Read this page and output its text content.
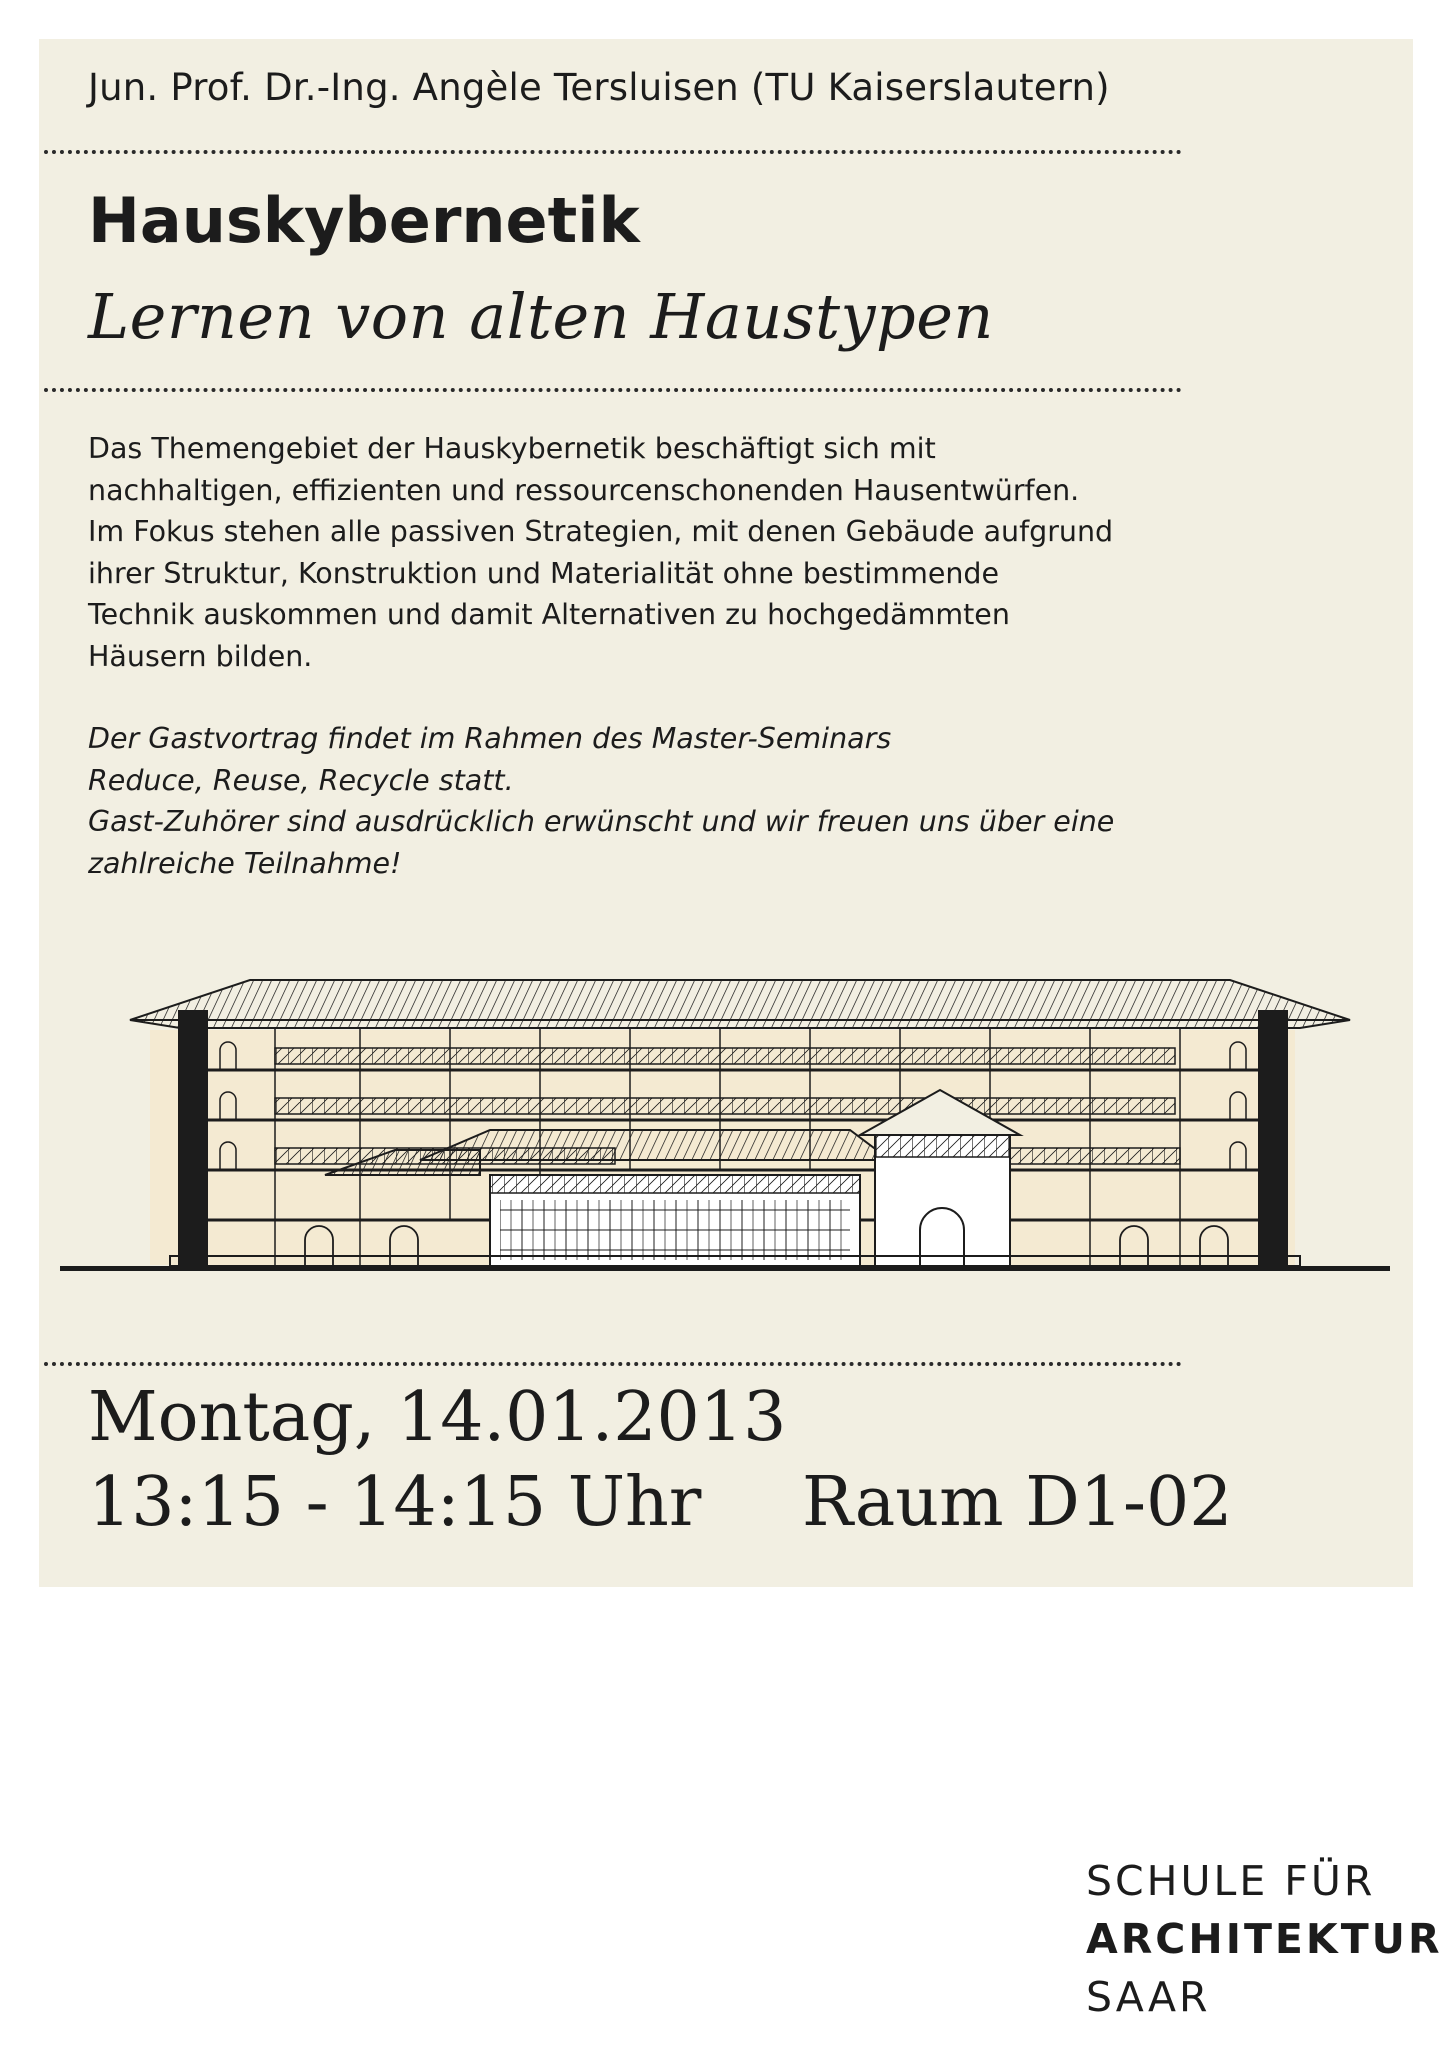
Jun. Prof. Dr.-Ing. Angèle Tersluisen (TU Kaiserslautern)
Hauskybernetik
Lernen von alten Haustypen

Das Themengebiet der Hauskybernetik beschäftigt sich mit
nachhaltigen, effizienten und ressourcenschonenden Hausentwürfen.
Im Fokus stehen alle passiven Strategien, mit denen Gebäude aufgrund
ihrer Struktur, Konstruktion und Materialität ohne bestimmende
Technik auskommen und damit Alternativen zu hochgedämmten
Häusern bilden.

Der Gastvortrag findet im Rahmen des Master-Seminars
Reduce, Reuse, Recycle statt.
Gast-Zuhörer sind ausdrücklich erwünscht und wir freuen uns über eine
zahlreiche Teilnahme!

Montag, 14.01.2013

13:15 - 14:15 Uhr Raum D1-02

SCHULE FÜR
ARCHITEKTUR
SAAR
